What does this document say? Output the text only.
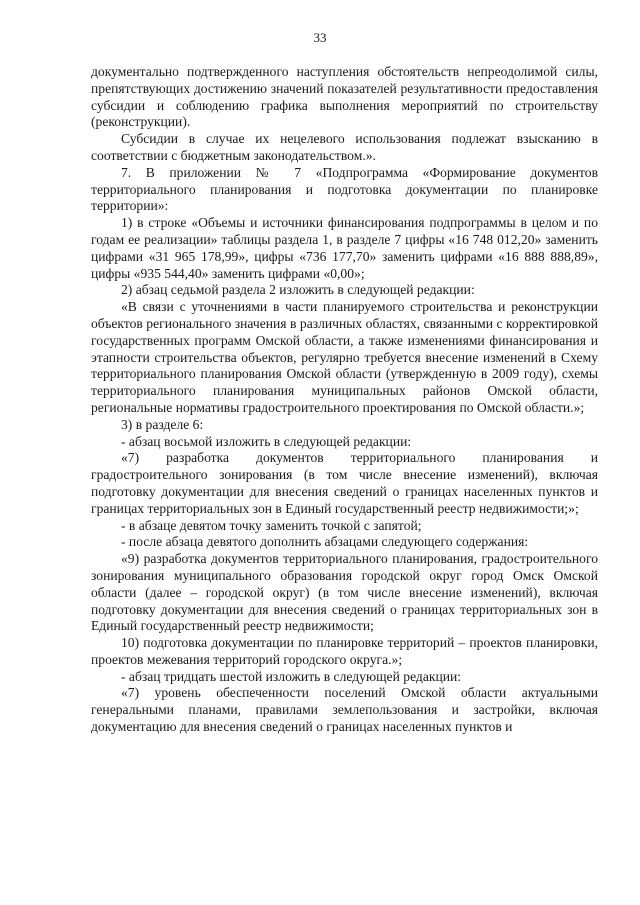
33

документально подтвержденного наступления обстоятельств непреодолимой силы, препятствующих достижению значений показателей результативности предоставления субсидии и соблюдению графика выполнения мероприятий по строительству (реконструкции).

Субсидии в случае их нецелевого использования подлежат взысканию в соответствии с бюджетным законодательством.».

7. В приложении № 7 «Подпрограмма «Формирование документов территориального планирования и подготовка документации по планировке территории»:

1) в строке «Объемы и источники финансирования подпрограммы в целом и по годам ее реализации» таблицы раздела 1, в разделе 7 цифры «16 748 012,20» заменить цифрами «31 965 178,99», цифры «736 177,70» заменить цифрами «16 888 888,89», цифры «935 544,40» заменить цифрами «0,00»;

2) абзац седьмой раздела 2 изложить в следующей редакции:

«В связи с уточнениями в части планируемого строительства и реконструкции объектов регионального значения в различных областях, связанными с корректировкой государственных программ Омской области, а также изменениями финансирования и этапности строительства объектов, регулярно требуется внесение изменений в Схему территориального планирования Омской области (утвержденную в 2009 году), схемы территориального планирования муниципальных районов Омской области, региональные нормативы градостроительного проектирования по Омской области.»;

3) в разделе 6:

- абзац восьмой изложить в следующей редакции:

«7) разработка документов территориального планирования и градостроительного зонирования (в том числе внесение изменений), включая подготовку документации для внесения сведений о границах населенных пунктов и границах территориальных зон в Единый государственный реестр недвижимости;»;

- в абзаце девятом точку заменить точкой с запятой;

- после абзаца девятого дополнить абзацами следующего содержания:

«9) разработка документов территориального планирования, градостроительного зонирования муниципального образования городской округ город Омск Омской области (далее – городской округ) (в том числе внесение изменений), включая подготовку документации для внесения сведений о границах территориальных зон в Единый государственный реестр недвижимости;

10) подготовка документации по планировке территорий – проектов планировки, проектов межевания территорий городского округа.»;

- абзац тридцать шестой изложить в следующей редакции:

«7) уровень обеспеченности поселений Омской области актуальными генеральными планами, правилами землепользования и застройки, включая документацию для внесения сведений о границах населенных пунктов и
